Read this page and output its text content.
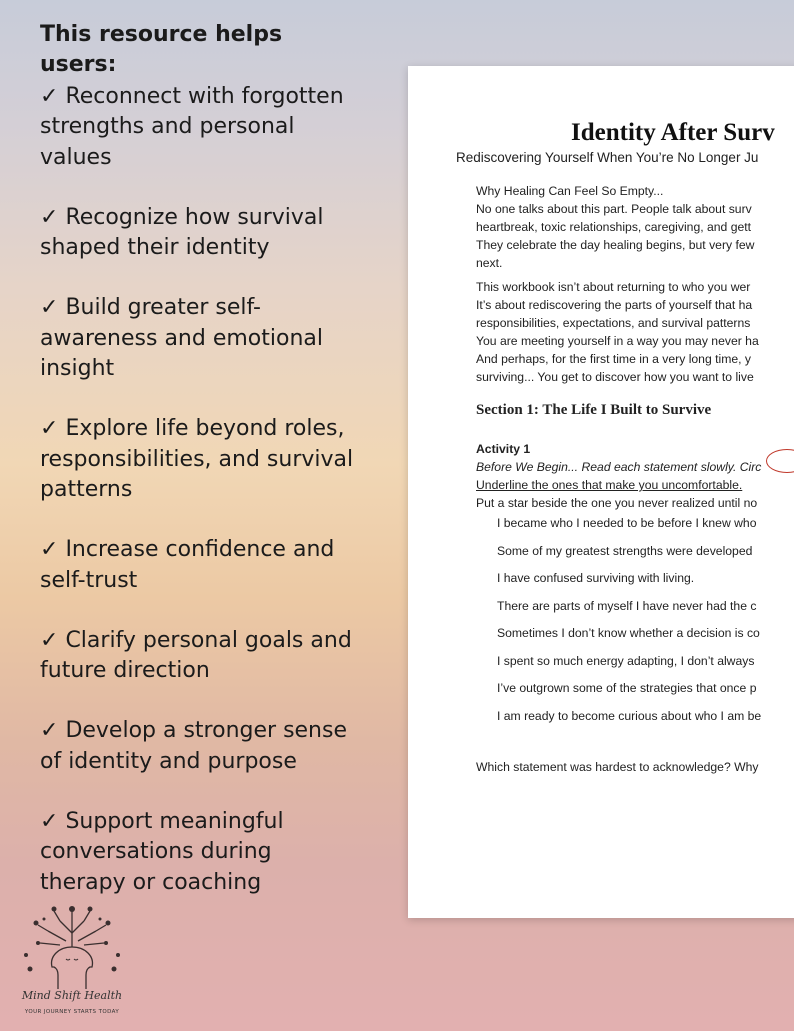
This resource helps users:
✓ Reconnect with forgotten strengths and personal values
✓ Recognize how survival shaped their identity
✓ Build greater self-awareness and emotional insight
✓ Explore life beyond roles, responsibilities, and survival patterns
✓ Increase confidence and self-trust
✓ Clarify personal goals and future direction
✓ Develop a stronger sense of identity and purpose
✓ Support meaningful conversations during therapy or coaching
Mind Shift Health
YOUR JOURNEY STARTS TODAY
Identity After Surv
Rediscovering Yourself When You’re No Longer Ju

Why Healing Can Feel So Empty...

No one talks about this part. People talk about surv

heartbreak, toxic relationships, caregiving, and gett

They celebrate the day healing begins, but very few

next.

This workbook isn’t about returning to who you wer

It’s about rediscovering the parts of yourself that ha

responsibilities, expectations, and survival patterns

You are meeting yourself in a way you may never ha

And perhaps, for the first time in a very long time, y

surviving... You get to discover how you want to live

Section 1: The Life I Built to Survive
Activity 1
Before We Begin... Read each statement slowly. Circ
Underline the ones that make you uncomfortable.
Put a star beside the one you never realized until no
I became who I needed to be before I knew who
Some of my greatest strengths were developed
I have confused surviving with living.
There are parts of myself I have never had the c
Sometimes I don’t know whether a decision is co
I spent so much energy adapting, I don’t always
I’ve outgrown some of the strategies that once p
I am ready to become curious about who I am be
Which statement was hardest to acknowledge? Why
